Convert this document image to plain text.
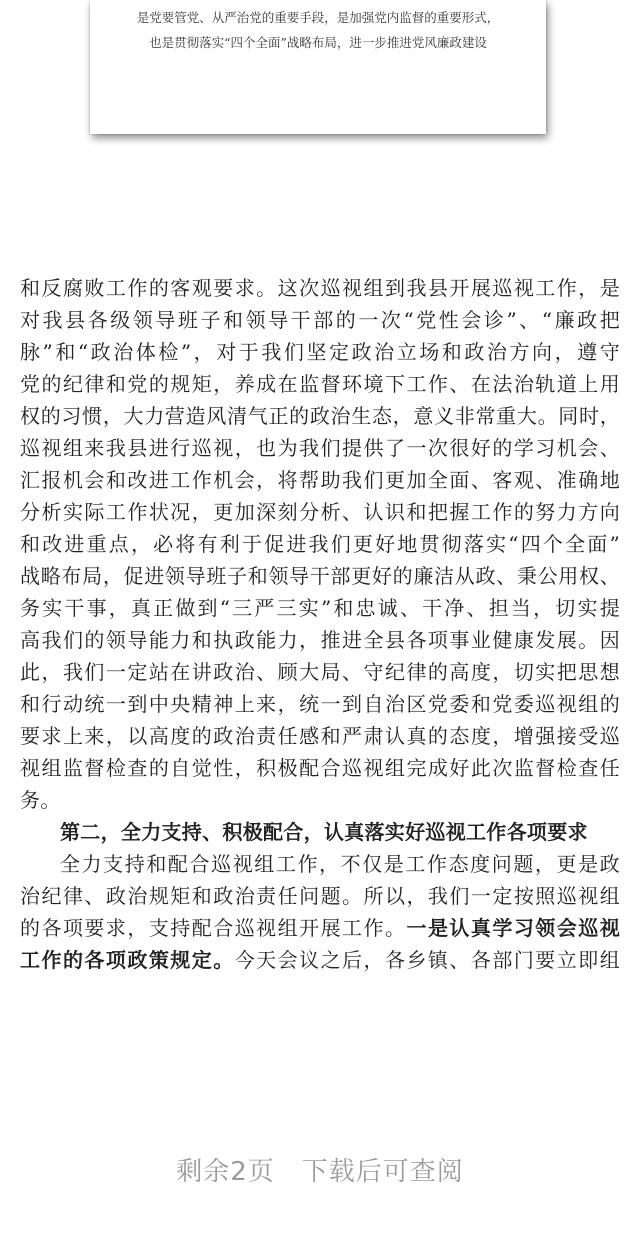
是党要管党、从严治党的重要手段，是加强党内监督的重要形式，
也是贯彻落实“四个全面”战略布局，进一步推进党风廉政建设
和反腐败工作的客观要求。这次巡视组到我县开展巡视工作，是
对我县各级领导班子和领导干部的一次“党性会诊”、“廉政把
脉”和“政治体检”，对于我们坚定政治立场和政治方向，遵守
党的纪律和党的规矩，养成在监督环境下工作、在法治轨道上用
权的习惯，大力营造风清气正的政治生态，意义非常重大。同时，
巡视组来我县进行巡视，也为我们提供了一次很好的学习机会、
汇报机会和改进工作机会，将帮助我们更加全面、客观、准确地
分析实际工作状况，更加深刻分析、认识和把握工作的努力方向
和改进重点，必将有利于促进我们更好地贯彻落实“四个全面”
战略布局，促进领导班子和领导干部更好的廉洁从政、秉公用权、
务实干事，真正做到“三严三实”和忠诚、干净、担当，切实提
高我们的领导能力和执政能力，推进全县各项事业健康发展。因
此，我们一定站在讲政治、顾大局、守纪律的高度，切实把思想
和行动统一到中央精神上来，统一到自治区党委和党委巡视组的
要求上来，以高度的政治责任感和严肃认真的态度，增强接受巡
视组监督检查的自觉性，积极配合巡视组完成好此次监督检查任
务。
第二，全力支持、积极配合，认真落实好巡视工作各项要求
全力支持和配合巡视组工作，不仅是工作态度问题，更是政
治纪律、政治规矩和政治责任问题。所以，我们一定按照巡视组
的各项要求，支持配合巡视组开展工作。一是认真学习领会巡视
工作的各项政策规定。今天会议之后，各乡镇、各部门要立即组
剩余2页　 下载后可查阅
